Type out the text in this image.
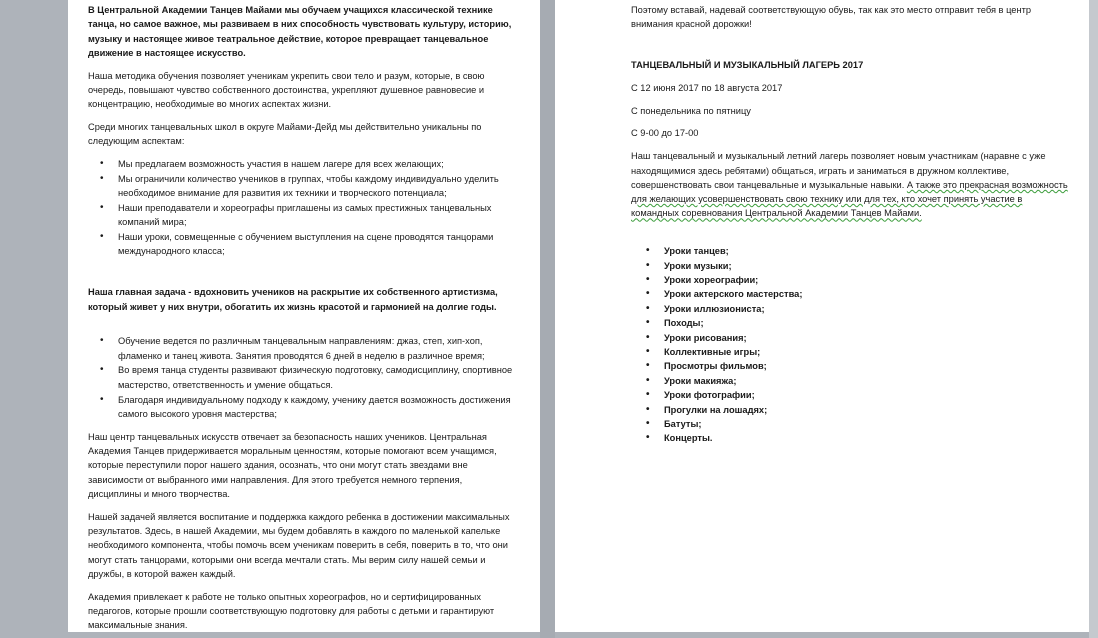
В Центральной Академии Танцев Майами мы обучаем учащихся классической технике танца, но самое важное, мы развиваем в них способность чувствовать культуру, историю, музыку и настоящее живое театральное действие, которое превращает танцевальное движение в настоящее искусство.

Наша методика обучения позволяет ученикам укрепить свои тело и разум, которые, в свою очередь, повышают чувство собственного достоинства, укрепляют душевное равновесие и концентрацию, необходимые во многих аспектах жизни.

Среди многих танцевальных школ в округе Майами-Дейд мы действительно уникальны по следующим аспектам:

• Мы предлагаем возможность участия в нашем лагере для всех желающих;
• Мы ограничили количество учеников в группах, чтобы каждому индивидуально уделить необходимое внимание для развития их техники и творческого потенциала;
• Наши преподаватели и хореографы приглашены из самых престижных танцевальных компаний мира;
• Наши уроки, совмещенные с обучением выступления на сцене проводятся танцорами международного класса;

Наша главная задача - вдохновить учеников на раскрытие их собственного артистизма, который живет у них внутри, обогатить их жизнь красотой и гармонией на долгие годы.

• Обучение ведется по различным танцевальным направлениям: джаз, степ, хип-хоп, фламенко и танец живота. Занятия проводятся 6 дней в неделю в различное время;
• Во время танца студенты развивают физическую подготовку, самодисциплину, спортивное мастерство, ответственность и умение общаться.
• Благодаря индивидуальному подходу к каждому, ученику дается возможность достижения самого высокого уровня мастерства;

Наш центр танцевальных искусств отвечает за безопасность наших учеников. Центральная Академия Танцев придерживается моральным ценностям, которые помогают всем учащимся, которые переступили порог нашего здания, осознать, что они могут стать звездами вне зависимости от выбранного ими направления. Для этого требуется немного терпения, дисциплины и много творчества.

Нашей задачей является воспитание и поддержка каждого ребенка в достижении максимальных результатов. Здесь, в нашей Академии, мы будем добавлять в каждого по маленькой капельке необходимого компонента, чтобы помочь всем ученикам поверить в себя, поверить в то, что они могут стать танцорами, которыми они всегда мечтали стать. Мы верим силу нашей семьи и дружбы, в которой важен каждый.

Академия привлекает к работе не только опытных хореографов, но и сертифицированных педагогов, которые прошли соответствующую подготовку для работы с детьми и гарантируют максимальные знания.

Поэтому вставай, надевай соответствующую обувь, так как это место отправит тебя в центр внимания красной дорожки!

ТАНЦЕВАЛЬНЫЙ И МУЗЫКАЛЬНЫЙ ЛАГЕРЬ 2017

С 12 июня 2017 по 18 августа 2017

С понедельника по пятницу

С 9-00 до 17-00

Наш танцевальный и музыкальный летний лагерь позволяет новым участникам (наравне с уже находящимися здесь ребятами) общаться, играть и заниматься в дружном коллективе, совершенствовать свои танцевальные и музыкальные навыки. А также это прекрасная возможность для желающих усовершенствовать свою технику или для тех, кто хочет принять участие в командных соревнования Центральной Академии Танцев Майами.

• Уроки танцев;
• Уроки музыки;
• Уроки хореографии;
• Уроки актерского мастерства;
• Уроки иллюзиониста;
• Походы;
• Уроки рисования;
• Коллективные игры;
• Просмотры фильмов;
• Уроки макияжа;
• Уроки фотографии;
• Прогулки на лошадях;
• Батуты;
• Концерты.
